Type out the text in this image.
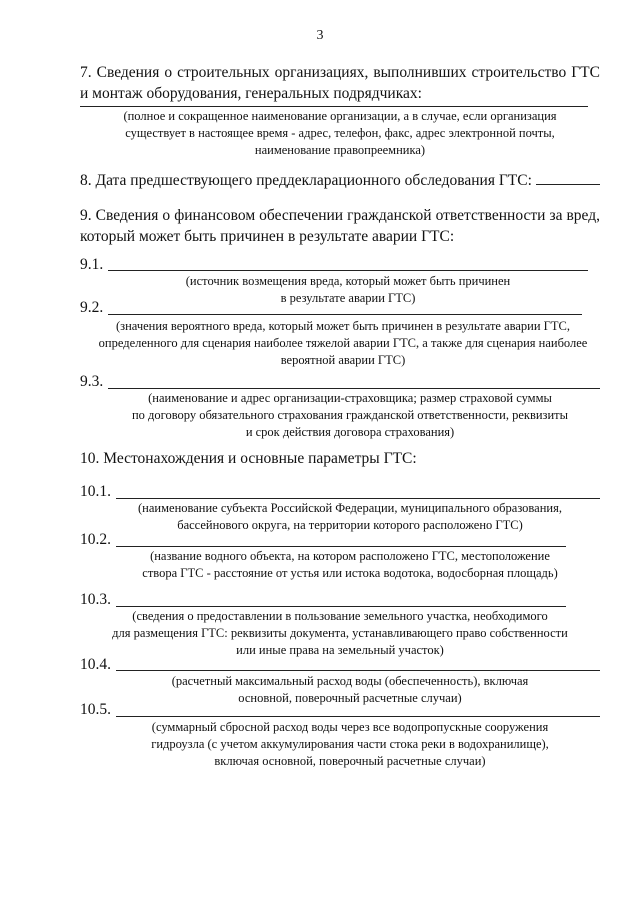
3
7. Сведения о строительных организациях, выполнивших строительство ГТС
и монтаж оборудования, генеральных подрядчиках:
(полное и сокращенное наименование организации, а в случае, если организация
существует в настоящее время - адрес, телефон, факс, адрес электронной почты,
наименование правопреемника)
8. Дата предшествующего преддекларационного обследования ГТС:
9. Сведения о финансовом обеспечении гражданской ответственности за вред,
который может быть причинен в результате аварии ГТС:
9.1.
(источник возмещения вреда, который может быть причинен
в результате аварии ГТС)
9.2.
(значения вероятного вреда, который может быть причинен в результате аварии ГТС,
определенного для сценария наиболее тяжелой аварии ГТС, а также для сценария наиболее
вероятной аварии ГТС)
9.3.
(наименование и адрес организации-страховщика; размер страховой суммы
по договору обязательного страхования гражданской ответственности, реквизиты
и срок действия договора страхования)
10. Местонахождения и основные параметры ГТС:
10.1.
(наименование субъекта Российской Федерации, муниципального образования,
бассейнового округа, на территории которого расположено ГТС)
10.2.
(название водного объекта, на котором расположено ГТС, местоположение
створа ГТС - расстояние от устья или истока водотока, водосборная площадь)
10.3.
(сведения о предоставлении в пользование земельного участка, необходимого
для размещения ГТС: реквизиты документа, устанавливающего право собственности
или иные права на земельный участок)
10.4.
(расчетный максимальный расход воды (обеспеченность), включая
основной, поверочный расчетные случаи)
10.5.
(суммарный сбросной расход воды через все водопропускные сооружения
гидроузла (с учетом аккумулирования части стока реки в водохранилище),
включая основной, поверочный расчетные случаи)
